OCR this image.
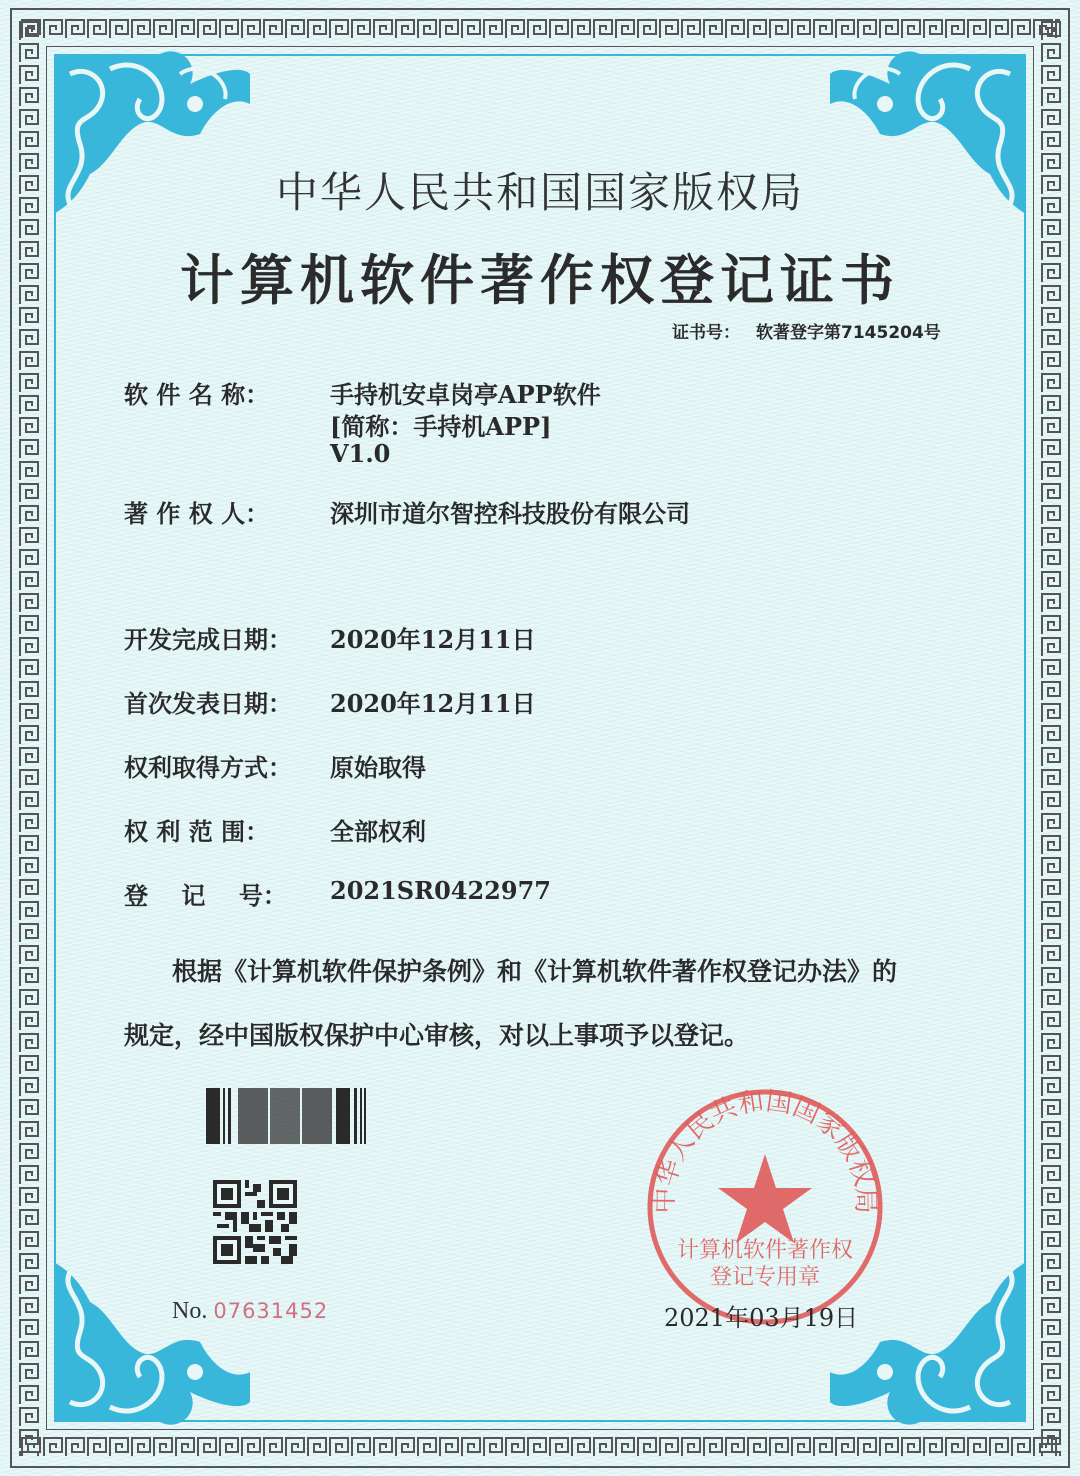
中华人民共和国国家版权局
计算机软件著作权登记证书
证书号： 软著登字第7145204号
软 件 名 称：	手持机安卓岗亭APP软件
[简称：手持机APP]
V1.0
著 作 权 人：	深圳市道尔智控科技股份有限公司
开发完成日期： 2020年12月11日
首次发表日期： 2020年12月11日
权利取得方式： 原始取得
权 利 范 围：	全部权利
登    记    号： 2021SR0422977
根据《计算机软件保护条例》和《计算机软件著作权登记办法》的
规定，经中国版权保护中心审核，对以上事项予以登记。
No. 07631452
中华人民共和国国家版权局
计算机软件著作权
登记专用章
2021年03月19日
